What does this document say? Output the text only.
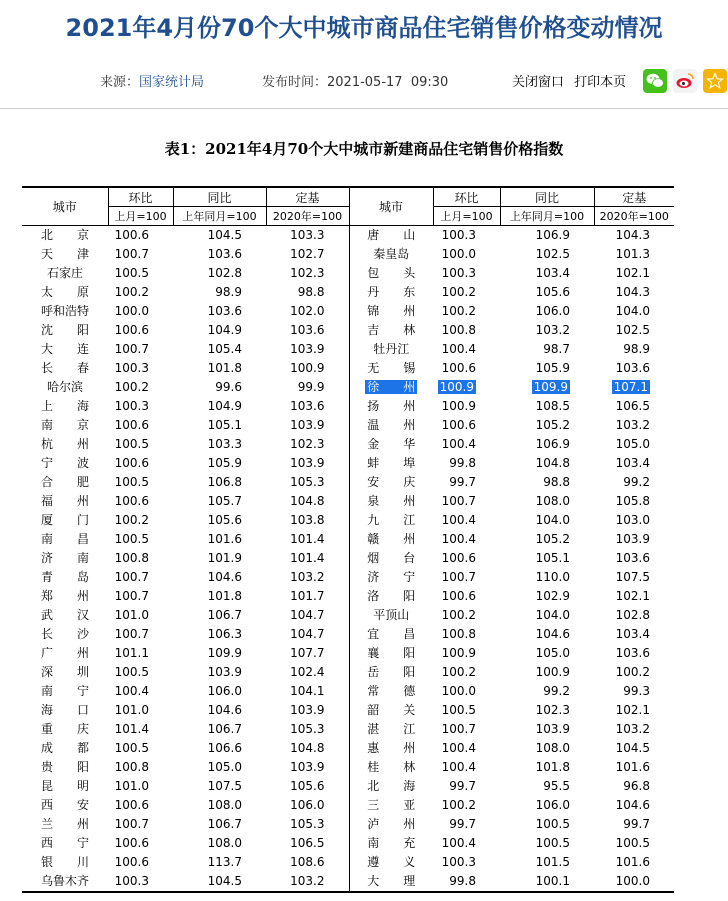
2021年4月份70个大中城市商品住宅销售价格变动情况
来源：国家统计局	发布时间：2021-05-17  09:30	关闭窗口 打印本页
表1：2021年4月70个大中城市新建商品住宅销售价格指数
城市	环比	同比	定基	城市	环比	同比	定基
	上月=100	上年同月=100	2020年=100		上月=100	上年同月=100	2020年=100
北　　京	100.6	104.5	103.3	唐　　山	100.3	106.9	104.3
天　　津	100.7	103.6	102.7	秦皇岛	100.0	102.5	101.3
石家庄	100.5	102.8	102.3	包　　头	100.3	103.4	102.1
太　　原	100.2	98.9	98.8	丹　　东	100.2	105.6	104.3
呼和浩特	100.0	103.6	102.0	锦　　州	100.2	106.0	104.0
沈　　阳	100.6	104.9	103.6	吉　　林	100.8	103.2	102.5
大　　连	100.7	105.4	103.9	牡丹江	100.4	98.7	98.9
长　　春	100.3	101.8	100.9	无　　锡	100.6	105.9	103.6
哈尔滨	100.2	99.6	99.9	徐　　州	100.9	109.9	107.1
上　　海	100.3	104.9	103.6	扬　　州	100.9	108.5	106.5
南　　京	100.6	105.1	103.9	温　　州	100.6	105.2	103.2
杭　　州	100.5	103.3	102.3	金　　华	100.4	106.9	105.0
宁　　波	100.6	105.9	103.9	蚌　　埠	99.8	104.8	103.4
合　　肥	100.5	106.8	105.3	安　　庆	99.7	98.8	99.2
福　　州	100.6	105.7	104.8	泉　　州	100.7	108.0	105.8
厦　　门	100.2	105.6	103.8	九　　江	100.4	104.0	103.0
南　　昌	100.5	101.6	101.4	赣　　州	100.4	105.2	103.9
济　　南	100.8	101.9	101.4	烟　　台	100.6	105.1	103.6
青　　岛	100.7	104.6	103.2	济　　宁	100.7	110.0	107.5
郑　　州	100.7	101.8	101.7	洛　　阳	100.6	102.9	102.1
武　　汉	101.0	106.7	104.7	平顶山	100.2	104.0	102.8
长　　沙	100.7	106.3	104.7	宜　　昌	100.8	104.6	103.4
广　　州	101.1	109.9	107.7	襄　　阳	100.9	105.0	103.6
深　　圳	100.5	103.9	102.4	岳　　阳	100.2	100.9	100.2
南　　宁	100.4	106.0	104.1	常　　德	100.0	99.2	99.3
海　　口	101.0	104.6	103.9	韶　　关	100.5	102.3	102.1
重　　庆	101.4	106.7	105.3	湛　　江	100.7	103.9	103.2
成　　都	100.5	106.6	104.8	惠　　州	100.4	108.0	104.5
贵　　阳	100.8	105.0	103.9	桂　　林	100.4	101.8	101.6
昆　　明	101.0	107.5	105.6	北　　海	99.7	95.5	96.8
西　　安	100.6	108.0	106.0	三　　亚	100.2	106.0	104.6
兰　　州	100.7	106.7	105.3	泸　　州	99.7	100.5	99.7
西　　宁	100.6	108.0	106.5	南　　充	100.4	100.5	100.5
银　　川	100.6	113.7	108.6	遵　　义	100.3	101.5	101.6
乌鲁木齐	100.3	104.5	103.2	大　　理	99.8	100.1	100.0
